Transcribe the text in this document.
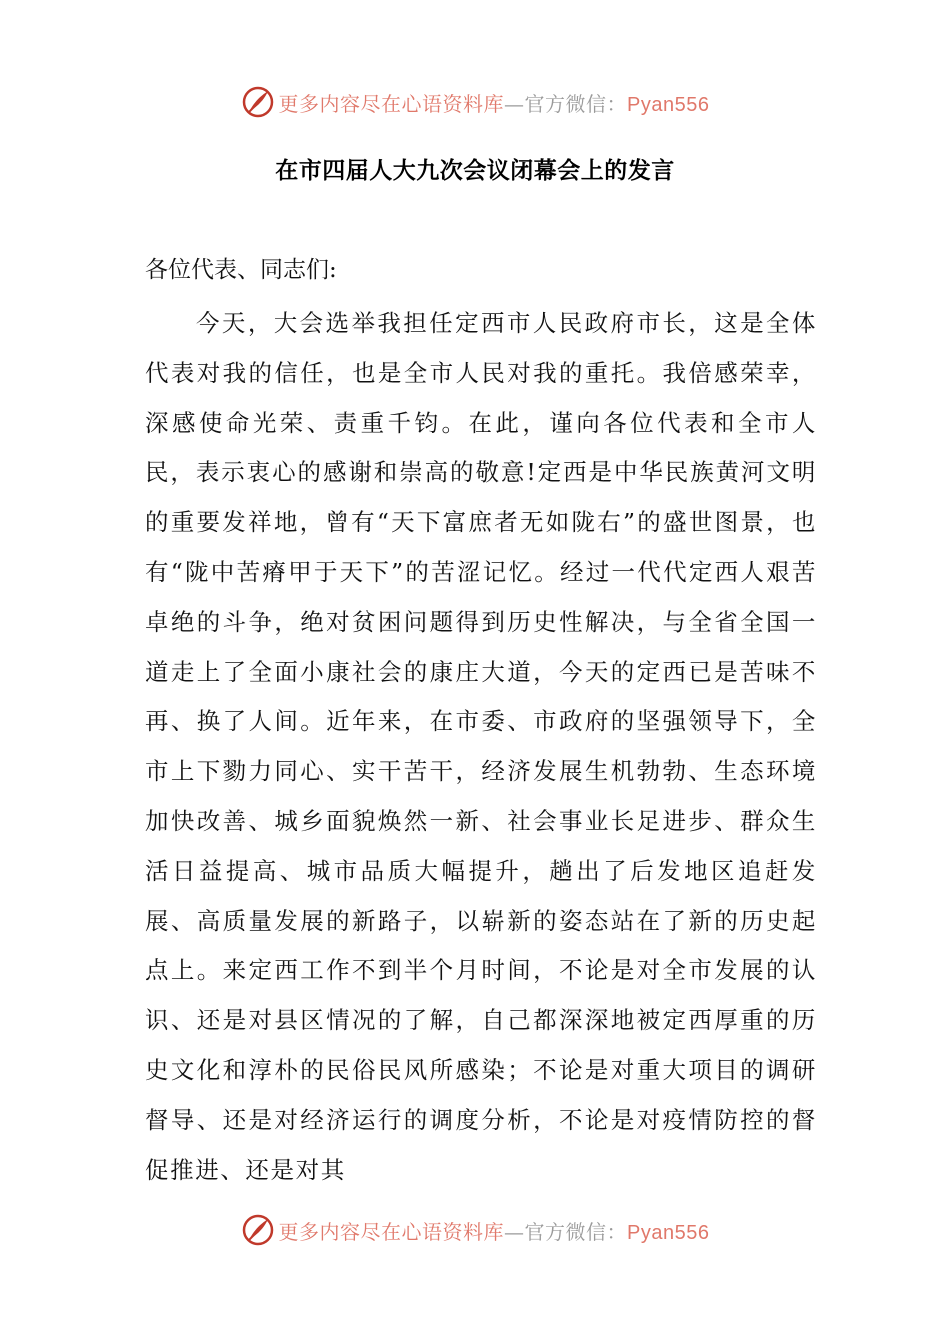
更多内容尽在心语资料库—官方微信：Pyan556
在市四届人大九次会议闭幕会上的发言
各位代表、同志们:

今天，大会选举我担任定西市人民政府市长，这是全体代表对我的信任，也是全市人民对我的重托。我倍感荣幸，深感使命光荣、责重千钧。在此，谨向各位代表和全市人民，表示衷心的感谢和崇高的敬意!定西是中华民族黄河文明的重要发祥地，曾有“天下富庶者无如陇右”的盛世图景，也有“陇中苦瘠甲于天下”的苦涩记忆。经过一代代定西人艰苦卓绝的斗争，绝对贫困问题得到历史性解决，与全省全国一道走上了全面小康社会的康庄大道，今天的定西已是苦味不再、换了人间。近年来，在市委、市政府的坚强领导下，全市上下勠力同心、实干苦干，经济发展生机勃勃、生态环境加快改善、城乡面貌焕然一新、社会事业长足进步、群众生活日益提高、城市品质大幅提升，趟出了后发地区追赶发展、高质量发展的新路子，以崭新的姿态站在了新的历史起点上。来定西工作不到半个月时间，不论是对全市发展的认识、还是对县区情况的了解，自己都深深地被定西厚重的历史文化和淳朴的民俗民风所感染；不论是对重大项目的调研督导、还是对经济运行的调度分析，不论是对疫情防控的督促推进、还是对其

更多内容尽在心语资料库—官方微信：Pyan556
